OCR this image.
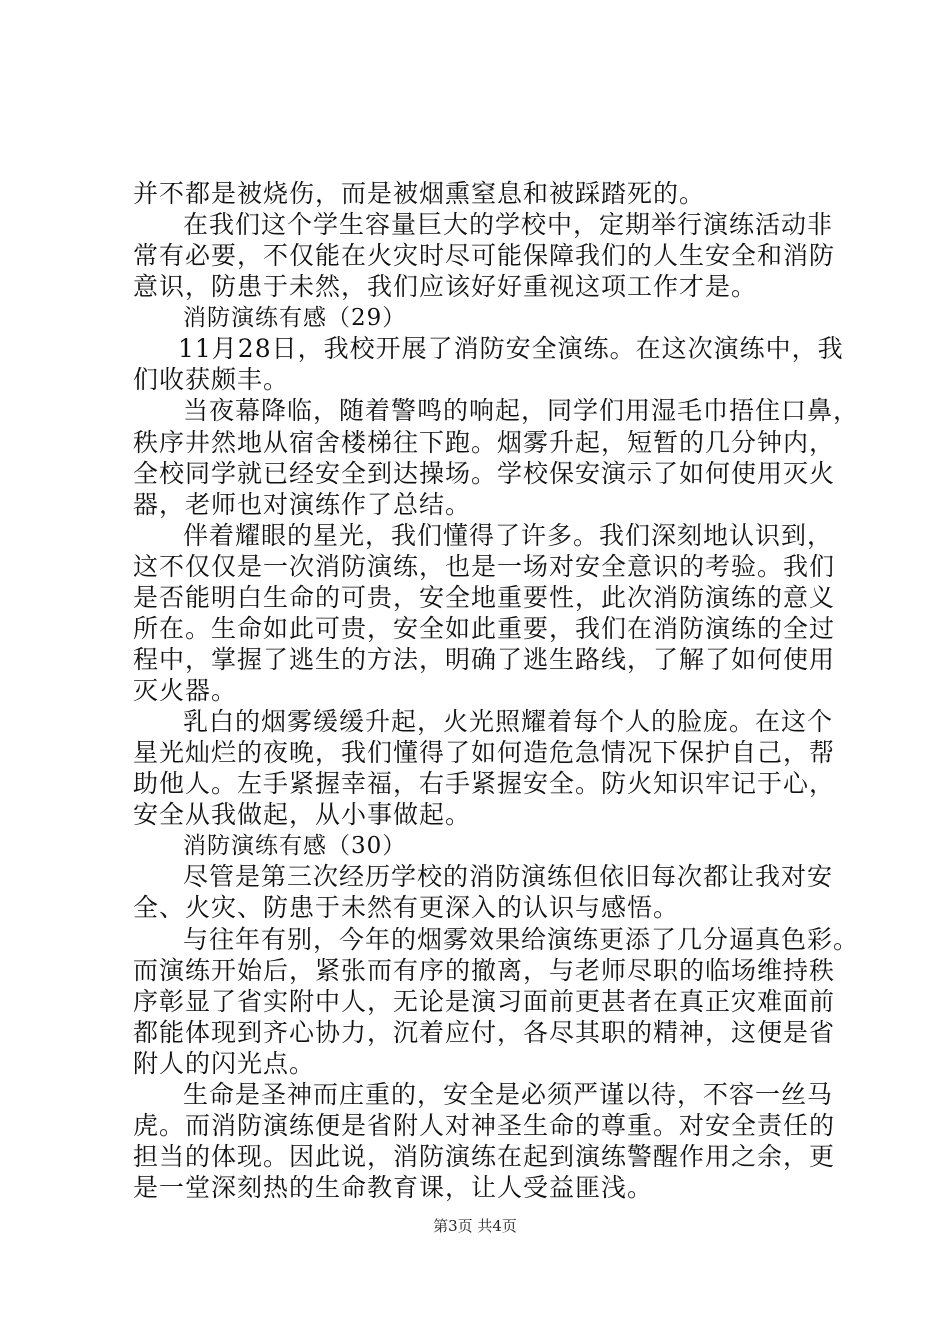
并不都是被烧伤，而是被烟熏窒息和被踩踏死的。
在我们这个学生容量巨大的学校中，定期举行演练活动非
常有必要，不仅能在火灾时尽可能保障我们的人生安全和消防
意识，防患于未然，我们应该好好重视这项工作才是。
消防演练有感（29）
11月28日，我校开展了消防安全演练。在这次演练中，我
们收获颇丰。
当夜幕降临，随着警鸣的响起，同学们用湿毛巾捂住口鼻，
秩序井然地从宿舍楼梯往下跑。烟雾升起，短暂的几分钟内，
全校同学就已经安全到达操场。学校保安演示了如何使用灭火
器，老师也对演练作了总结。
伴着耀眼的星光，我们懂得了许多。我们深刻地认识到，
这不仅仅是一次消防演练，也是一场对安全意识的考验。我们
是否能明白生命的可贵，安全地重要性，此次消防演练的意义
所在。生命如此可贵，安全如此重要，我们在消防演练的全过
程中，掌握了逃生的方法，明确了逃生路线，了解了如何使用
灭火器。
乳白的烟雾缓缓升起，火光照耀着每个人的脸庞。在这个
星光灿烂的夜晚，我们懂得了如何造危急情况下保护自己，帮
助他人。左手紧握幸福，右手紧握安全。防火知识牢记于心，
安全从我做起，从小事做起。
消防演练有感（30）
尽管是第三次经历学校的消防演练但依旧每次都让我对安
全、火灾、防患于未然有更深入的认识与感悟。
与往年有别，今年的烟雾效果给演练更添了几分逼真色彩。
而演练开始后，紧张而有序的撤离，与老师尽职的临场维持秩
序彰显了省实附中人，无论是演习面前更甚者在真正灾难面前
都能体现到齐心协力，沉着应付，各尽其职的精神，这便是省
附人的闪光点。
生命是圣神而庄重的，安全是必须严谨以待，不容一丝马
虎。而消防演练便是省附人对神圣生命的尊重。对安全责任的
担当的体现。因此说，消防演练在起到演练警醒作用之余，更
是一堂深刻热的生命教育课，让人受益匪浅。
第3页 共4页
